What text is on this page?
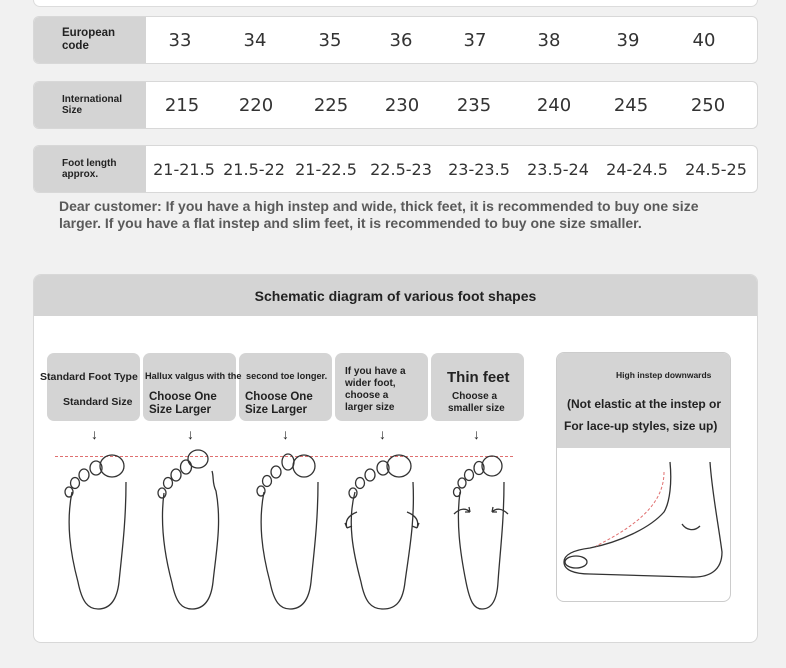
European
code	33	34	35	36	37	38	39	40
International
Size	215 220 225 230 235	240 245 250
Foot length
approx.	21-21.5 21.5-22 21-22.5 22.5-23 23-23.5 23.5-24 24-24.5 24.5-25
Dear customer: If you have a high instep and wide, thick feet, it is recommended to buy one size
larger. If you have a flat instep and slim feet, it is recommended to buy one size smaller.
Schematic diagram of various foot shapes
Standard Foot Type
Standard Size
Hallux valgus with the
Choose One
Size Larger
second toe longer.
Choose One
Size Larger
If you have a
wider foot,
choose a
larger size
Thin feet
Choose a
smaller size
↓	↓	↓	↓	↓
High instep downwards
(Not elastic at the instep or
For lace-up styles, size up)
